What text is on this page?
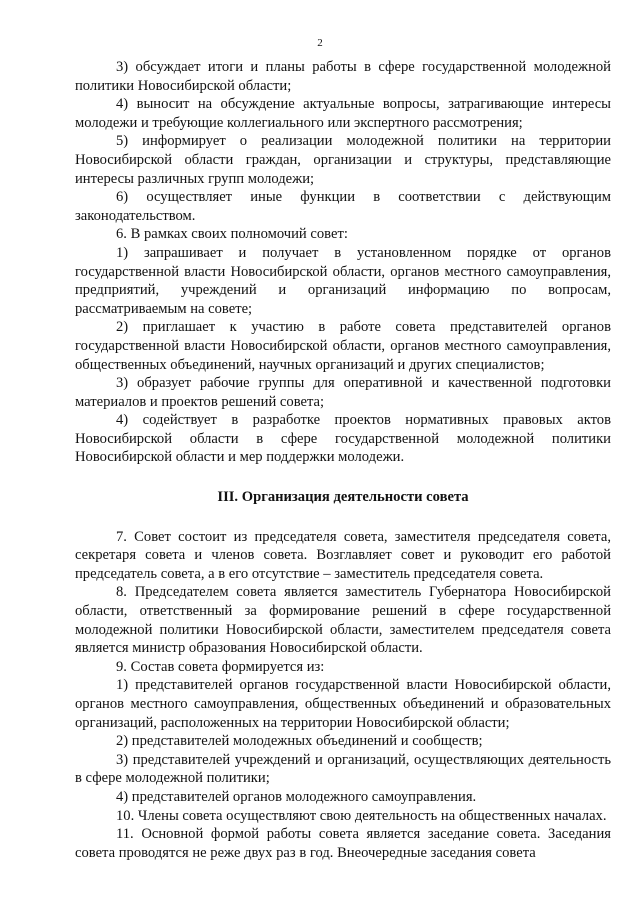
2

3) обсуждает итоги и планы работы в сфере государственной молодежной политики Новосибирской области;

4) выносит на обсуждение актуальные вопросы, затрагивающие интересы молодежи и требующие коллегиального или экспертного рассмотрения;

5) информирует о реализации молодежной политики на территории Новосибирской области граждан, организации и структуры, представляющие интересы различных групп молодежи;

6) осуществляет иные функции в соответствии с действующим законодательством.

6. В рамках своих полномочий совет:

1) запрашивает и получает в установленном порядке от органов государственной власти Новосибирской области, органов местного самоуправления, предприятий, учреждений и организаций информацию по вопросам, рассматриваемым на совете;

2) приглашает к участию в работе совета представителей органов государственной власти Новосибирской области, органов местного самоуправления, общественных объединений, научных организаций и других специалистов;

3) образует рабочие группы для оперативной и качественной подготовки материалов и проектов решений совета;

4) содействует в разработке проектов нормативных правовых актов Новосибирской области в сфере государственной молодежной политики Новосибирской области и мер поддержки молодежи.

III. Организация деятельности совета

7. Совет состоит из председателя совета, заместителя председателя совета, секретаря совета и членов совета. Возглавляет совет и руководит его работой председатель совета, а в его отсутствие – заместитель председателя совета.

8. Председателем совета является заместитель Губернатора Новосибирской области, ответственный за формирование решений в сфере государственной молодежной политики Новосибирской области, заместителем председателя совета является министр образования Новосибирской области.

9. Состав совета формируется из:

1) представителей органов государственной власти Новосибирской области, органов местного самоуправления, общественных объединений и образовательных организаций, расположенных на территории Новосибирской области;

2) представителей молодежных объединений и сообществ;

3) представителей учреждений и организаций, осуществляющих деятельность в сфере молодежной политики;

4) представителей органов молодежного самоуправления.

10. Члены совета осуществляют свою деятельность на общественных началах.

11. Основной формой работы совета является заседание совета. Заседания совета проводятся не реже двух раз в год. Внеочередные заседания совета
